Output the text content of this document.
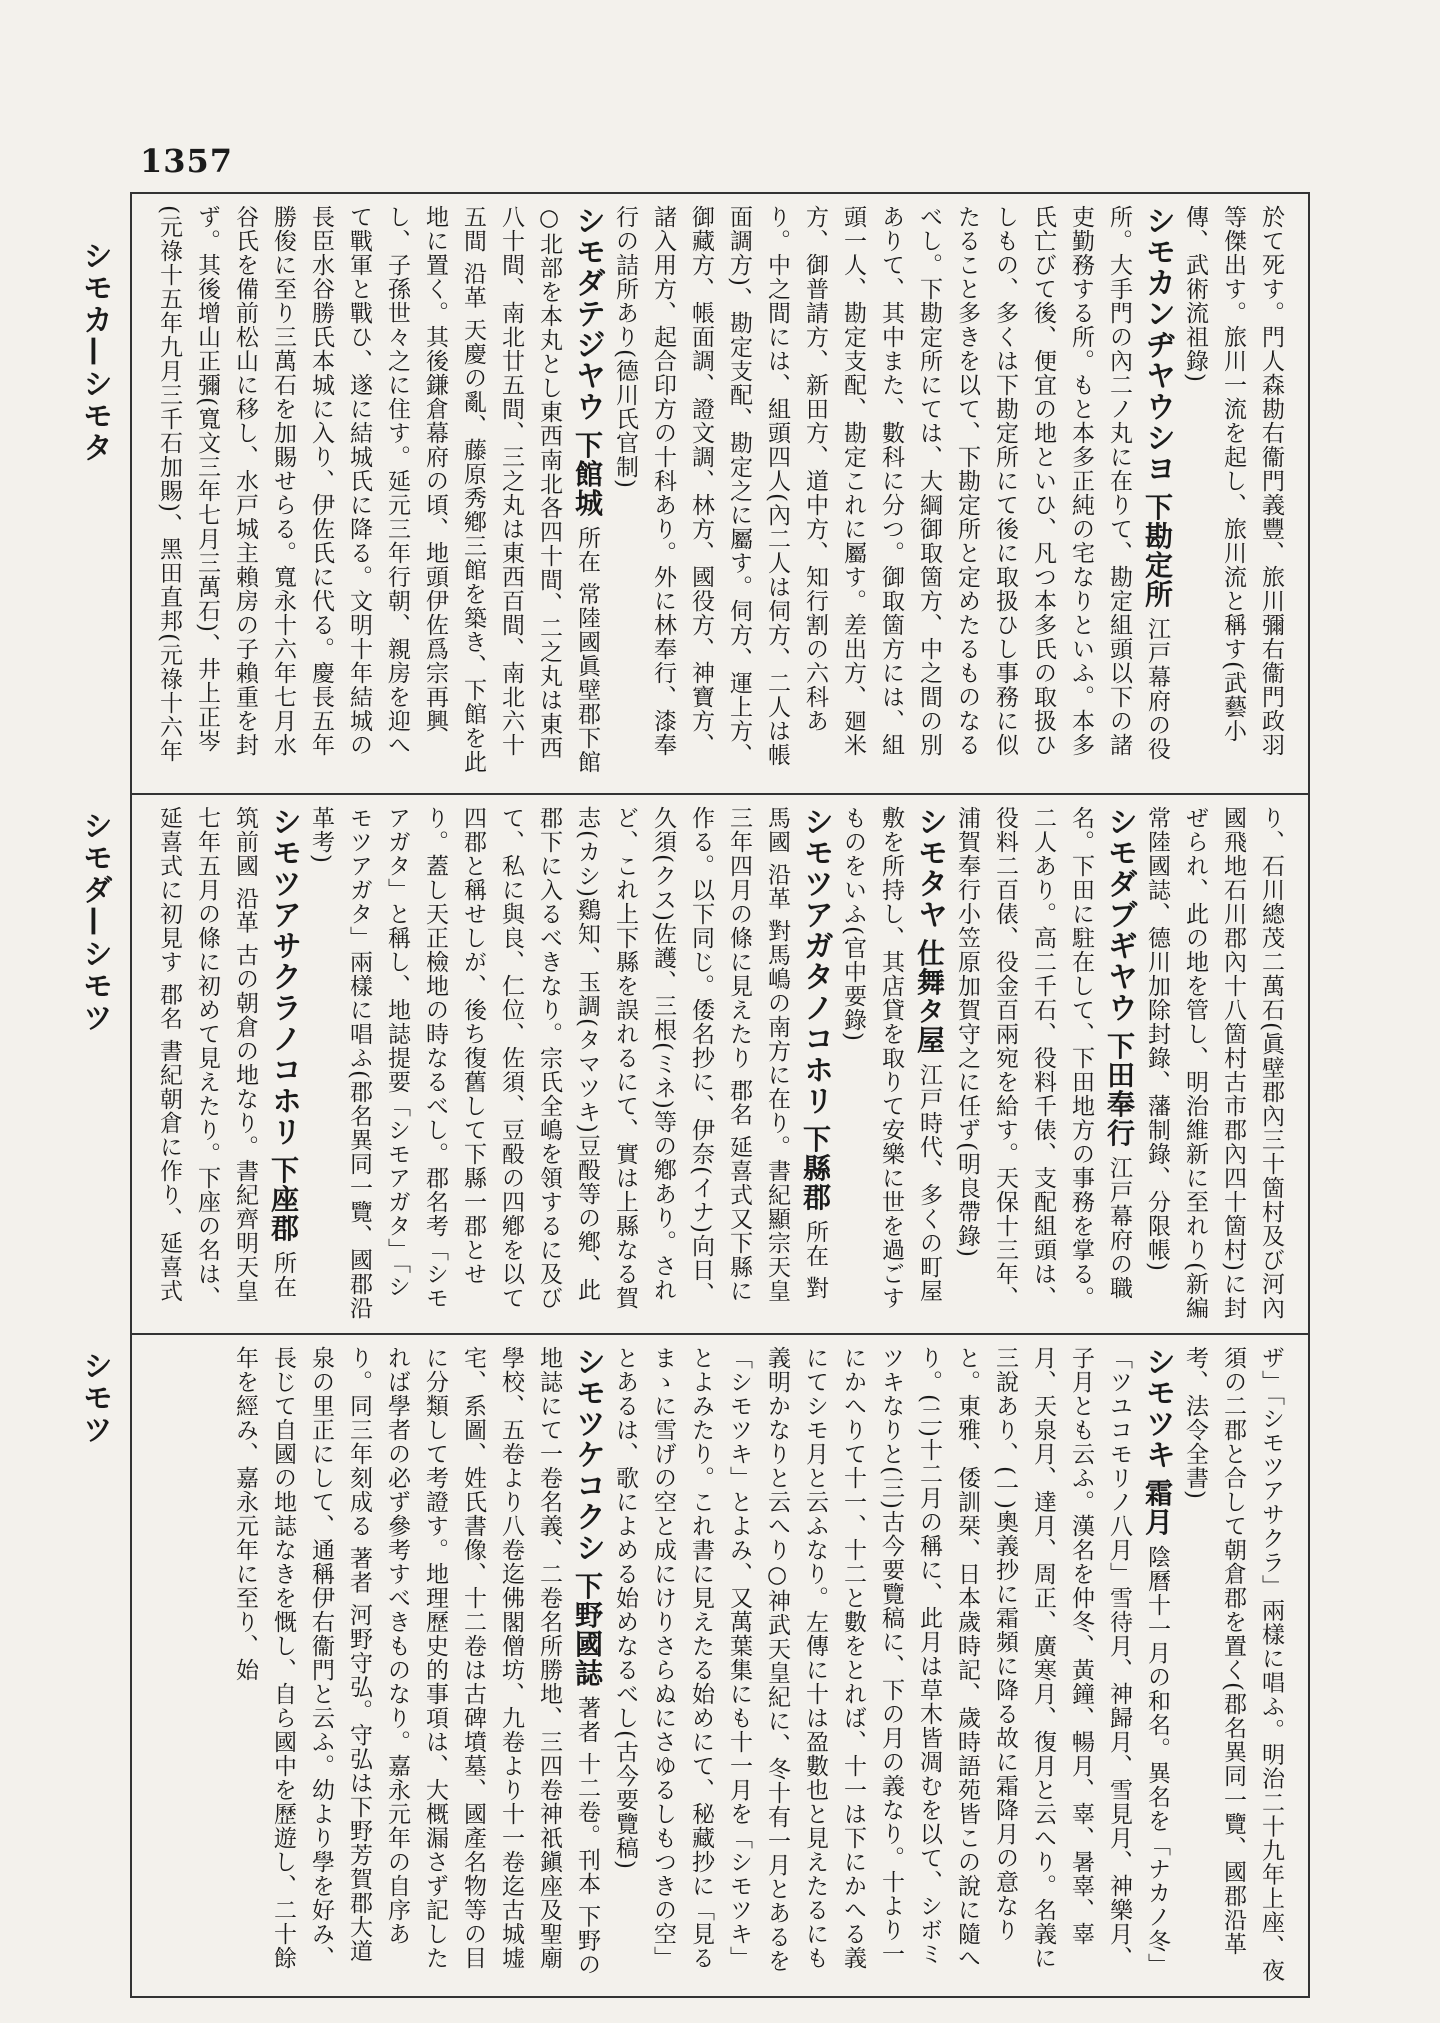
1357
シモカ—シモタ
シモダ—シモツ
シモツ
於て死す。門人森勘右衞門義豐、旅川彌右衞門政羽等傑出す。旅川一流を起し、旅川流と稱す(武藝小傳、武術流祖錄)
シモカンヂヤウシヨ 下勘定所 江戸幕府の役所。大手門の內二ノ丸に在りて、勘定組頭以下の諸吏勤務する所。もと本多正純の宅なりといふ。本多氏亡びて後、便宜の地といひ、凡つ本多氏の取扱ひしもの、多くは下勘定所にて後に取扱ひし事務に似たること多きを以て、下勘定所と定めたるものなるべし。下勘定所にては、大綱御取箇方、中之間の別ありて、其中また、數科に分つ。御取箇方には、組頭一人、勘定支配、勘定これに屬す。差出方、廻米方、御普請方、新田方、道中方、知行割の六科あり。中之間には、組頭四人(內二人は伺方、二人は帳面調方)、勘定支配、勘定之に屬す。伺方、運上方、御藏方、帳面調、證文調、林方、國役方、神寶方、諸入用方、起合印方の十科あり。外に林奉行、漆奉行の詰所あり(德川氏官制)
シモダテジヤウ 下館城 所在 常陸國眞壁郡下館○北部を本丸とし東西南北各四十間、二之丸は東西八十間、南北廿五間、三之丸は東西百間、南北六十五間 沿革 天慶の亂、藤原秀鄕三館を築き、下館を此地に置く。其後鎌倉幕府の頃、地頭伊佐爲宗再興し、子孫世々之に住す。延元三年行朝、親房を迎へて戰軍と戰ひ、遂に結城氏に降る。文明十年結城の長臣水谷勝氏本城に入り、伊佐氏に代る。慶長五年勝俊に至り三萬石を加賜せらる。寬永十六年七月水谷氏を備前松山に移し、水戸城主賴房の子賴重を封ず。其後增山正彌(寬文三年七月三萬石)、井上正岑(元祿十五年九月三千石加賜)、黑田直邦(元祿十六年
り、石川總茂二萬石(眞壁郡內三十箇村及び河內國飛地石川郡內十八箇村古市郡內四十箇村)に封ぜられ、此の地を管し、明治維新に至れり(新編常陸國誌、德川加除封錄、藩制錄、分限帳)
シモダブギヤウ 下田奉行 江戸幕府の職名。下田に駐在して、下田地方の事務を掌る。二人あり。高二千石、役料千俵、支配組頭は、役料二百俵、役金百兩宛を給す。天保十三年、浦賀奉行小笠原加賀守之に任ず(明良帶錄)
シモタヤ 仕舞タ屋 江戸時代、多くの町屋敷を所持し、其店貸を取りて安樂に世を過ごすものをいふ(官中要錄)
シモツアガタノコホリ 下縣郡 所在 對馬國 沿革 對馬嶋の南方に在り。書紀顯宗天皇三年四月の條に見えたり 郡名 延喜式又下縣に作る。以下同じ。倭名抄に、伊奈(イナ)向日、久須(クス)佐護、三根(ミネ)等の鄕あり。されど、これ上下縣を誤れるにて、實は上縣なる賀志(カシ)鷄知、玉調(タマツキ)豆酘等の鄕、此郡下に入るべきなり。宗氏全嶋を領するに及びて、私に與良、仁位、佐須、豆酘の四鄕を以て四郡と稱せしが、後ち復舊して下縣一郡とせり。蓋し天正檢地の時なるべし。郡名考「シモアガタ」と稱し、地誌提要「シモアガタ」「シモツアガタ」兩樣に唱ふ(郡名異同一覽、國郡沿革考)
シモツアサクラノコホリ 下座郡 所在 筑前國 沿革 古の朝倉の地なり。書紀齊明天皇七年五月の條に初めて見えたり。下座の名は、延喜式に初見す 郡名 書紀朝倉に作り、延喜式
ザ」「シモツアサクラ」兩樣に唱ふ。明治二十九年上座、夜須の二郡と合して朝倉郡を置く(郡名異同一覽、國郡沿革考、法令全書)
シモツキ 霜月 陰曆十一月の和名。異名を「ナカノ冬」「ツユコモリノ八月」雪待月、神歸月、雪見月、神樂月、子月とも云ふ。漢名を仲冬、黃鐘、暢月、辜、暑辜、辜月、天泉月、達月、周正、廣寒月、復月と云へり。名義に三說あり、(一)奧義抄に霜頻に降る故に霜降月の意なりと。東雅、倭訓栞、日本歲時記、歲時語苑皆この說に隨へり。(二)十二月の稱に、此月は草木皆凋むを以て、シボミツキなりと(三)古今要覽稿に、下の月の義なり。十より一にかへりて十一、十二と數をとれば、十一は下にかへる義にてシモ月と云ふなり。左傳に十は盈數也と見えたるにも義明かなりと云へり○神武天皇紀に、冬十有一月とあるを「シモツキ」とよみ、又萬葉集にも十一月を「シモツキ」とよみたり。これ書に見えたる始めにて、秘藏抄に「見るまゝに雪げの空と成にけりさらぬにさゆるしもつきの空」とあるは、歌によめる始めなるべし(古今要覽稿)
シモツケコクシ 下野國誌 著者 十二卷。刊本 下野の地誌にて一卷名義、二卷名所勝地、三四卷神祇鎭座及聖廟學校、五卷より八卷迄佛閣僧坊、九卷より十一卷迄古城墟宅、系圖、姓氏書像、十二卷は古碑墳墓、國產名物等の目に分類して考證す。地理歷史的事項は、大概漏さず記したれば學者の必ず參考すべきものなり。嘉永元年の自序あり。同三年刻成る 著者 河野守弘。守弘は下野芳賀郡大道泉の里正にして、通稱伊右衞門と云ふ。幼より學を好み、長じて自國の地誌なきを慨し、自ら國中を歷遊し、二十餘年を經み、嘉永元年に至り、始
